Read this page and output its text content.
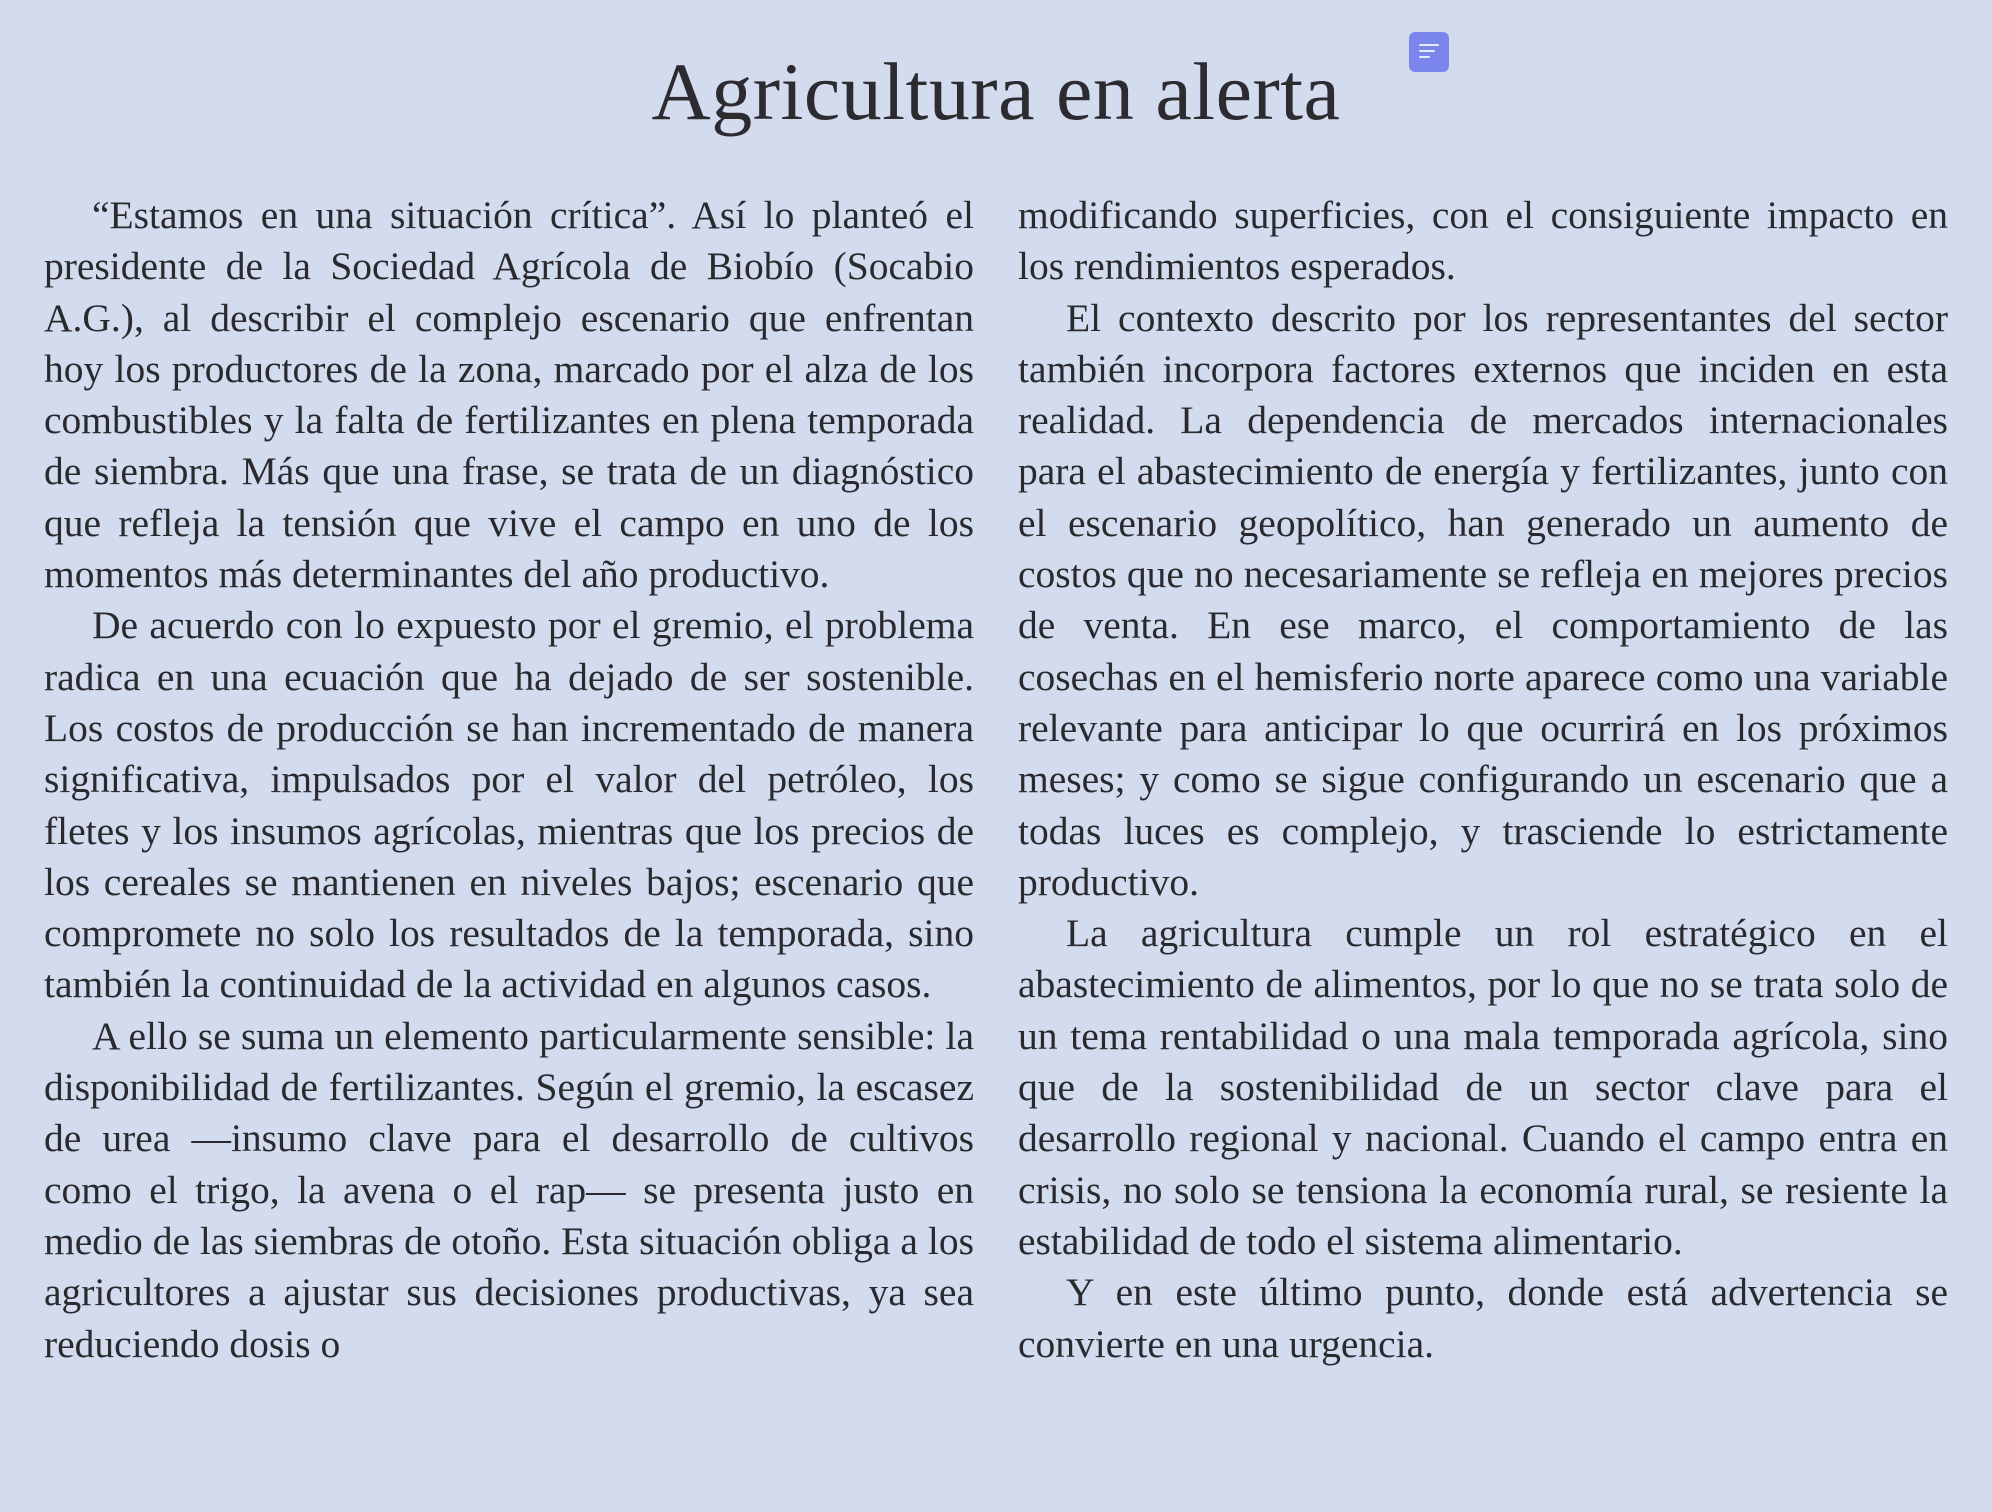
Agricultura en alerta

“Estamos en una situación crítica”. Así lo planteó el presidente de la Sociedad Agrícola de Biobío (Socabio A.G.), al describir el complejo escenario que enfrentan hoy los productores de la zona, marcado por el alza de los combustibles y la falta de fertilizantes en plena temporada de siembra. Más que una frase, se trata de un diagnóstico que refleja la tensión que vive el campo en uno de los momentos más determinantes del año productivo.

De acuerdo con lo expuesto por el gremio, el problema radica en una ecuación que ha dejado de ser sostenible. Los costos de producción se han incrementado de manera significativa, impulsados por el valor del petróleo, los fletes y los insumos agrícolas, mientras que los precios de los cereales se mantienen en niveles bajos; escenario que compromete no solo los resultados de la temporada, sino también la continuidad de la actividad en algunos casos.

A ello se suma un elemento particularmente sensible: la disponibilidad de fertilizantes. Según el gremio, la escasez de urea —insumo clave para el desarrollo de cultivos como el trigo, la avena o el rap— se presenta justo en medio de las siembras de otoño. Esta situación obliga a los agricultores a ajustar sus decisiones productivas, ya sea reduciendo dosis o

modificando superficies, con el consiguiente impacto en los rendimientos esperados.

El contexto descrito por los representantes del sector también incorpora factores externos que inciden en esta realidad. La dependencia de mercados internacionales para el abastecimiento de energía y fertilizantes, junto con el escenario geopolítico, han generado un aumento de costos que no necesariamente se refleja en mejores precios de venta. En ese marco, el comportamiento de las cosechas en el hemisferio norte aparece como una variable relevante para anticipar lo que ocurrirá en los próximos meses; y como se sigue configurando un escenario que a todas luces es complejo, y trasciende lo estrictamente productivo.

La agricultura cumple un rol estratégico en el abastecimiento de alimentos, por lo que no se trata solo de un tema rentabilidad o una mala temporada agrícola, sino que de la sostenibilidad de un sector clave para el desarrollo regional y nacional. Cuando el campo entra en crisis, no solo se tensiona la economía rural, se resiente la estabilidad de todo el sistema alimentario.

Y en este último punto, donde está advertencia se convierte en una urgencia.
